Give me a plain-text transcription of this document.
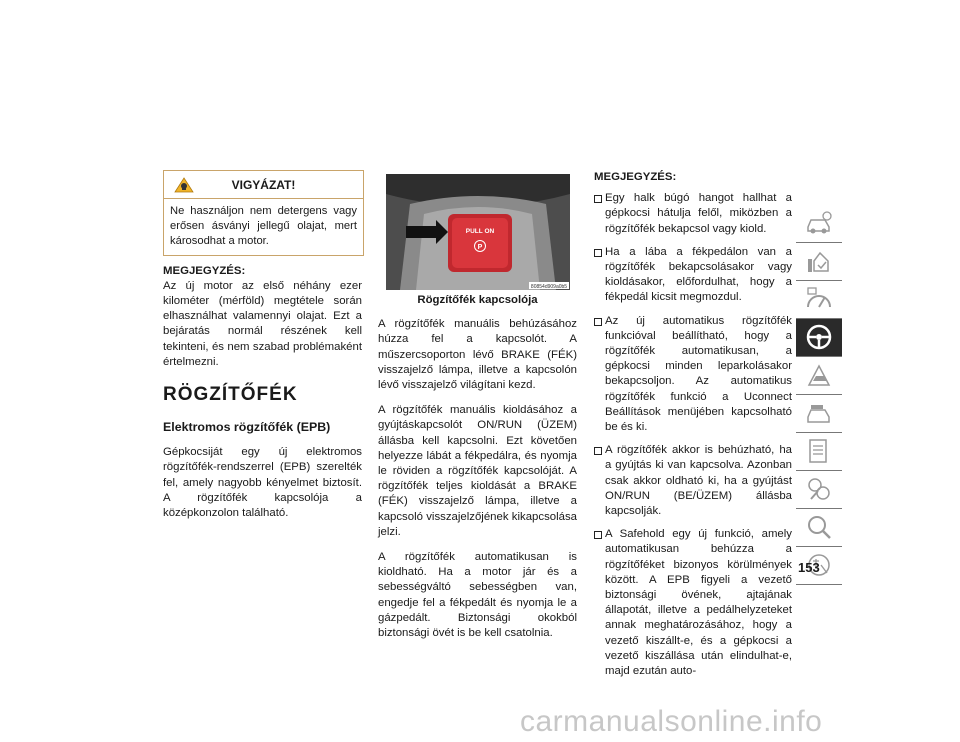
VIGYÁZAT!
Ne használjon nem detergens vagy erősen ásványi jellegű olajat, mert károsodhat a motor.
MEGJEGYZÉS:

Az új motor az első néhány ezer kilométer (mérföld) megtétele során elhasználhat valamennyi olajat. Ezt a bejáratás normál részének kell tekinteni, és nem szabad problémaként értelmezni.

RÖGZÍTŐFÉK
Elektromos rögzítőfék (EPB)

Gépkocsiját egy új elektromos rögzítőfék-rendszerrel (EPB) szerelték fel, amely nagyobb kényelmet biztosít. A rögzítőfék kapcsolója a középkonzolon található.

PULL ON
P
80854d909a0b5
Rögzítőfék kapcsolója

A rögzítőfék manuális behúzásához húzza fel a kapcsolót. A műszercsoporton lévő BRAKE (FÉK) visszajelző lámpa, illetve a kapcsolón lévő visszajelző világítani kezd.

A rögzítőfék manuális kioldásához a gyújtáskapcsolót ON/RUN (ÜZEM) állásba kell kapcsolni. Ezt követően helyezze lábát a fékpedálra, és nyomja le röviden a rögzítőfék kapcsolóját. A rögzítőfék teljes kioldását a BRAKE (FÉK) visszajelző lámpa, illetve a kapcsoló visszajelzőjének kikapcsolása jelzi.

A rögzítőfék automatikusan is kioldható. Ha a motor jár és a sebességváltó sebességben van, engedje fel a fékpedált és nyomja le a gázpedált. Biztonsági okokból biztonsági övét is be kell csatolnia.

MEGJEGYZÉS:
Egy halk búgó hangot hallhat a gépkocsi hátulja felől, miközben a rögzítőfék bekapcsol vagy kiold.
Ha a lába a fékpedálon van a rögzítőfék bekapcsolásakor vagy kioldásakor, előfordulhat, hogy a fékpedál kicsit megmozdul.
Az új automatikus rögzítőfék funkcióval beállítható, hogy a rögzítőfék automatikusan, a gépkocsi minden leparkolásakor bekapcsoljon. Az automatikus rögzítőfék funkció a Uconnect Beállítások menüjében kapcsolható be és ki.
A rögzítőfék akkor is behúzható, ha a gyújtás ki van kapcsolva. Azonban csak akkor oldható ki, ha a gyújtást ON/RUN (BE/ÜZEM) állásba kapcsolják.
A Safehold egy új funkció, amely automatikusan behúzza a rögzítőféket bizonyos körülmények között. A EPB figyeli a vezető biztonsági övének, ajtajának állapotát, illetve a pedálhelyzeteket annak meghatározásához, hogy a vezető kiszállt-e, és a gépkocsi a vezető kiszállása után elindulhat-e, majd ezután auto-
153
carmanualsonline.info
